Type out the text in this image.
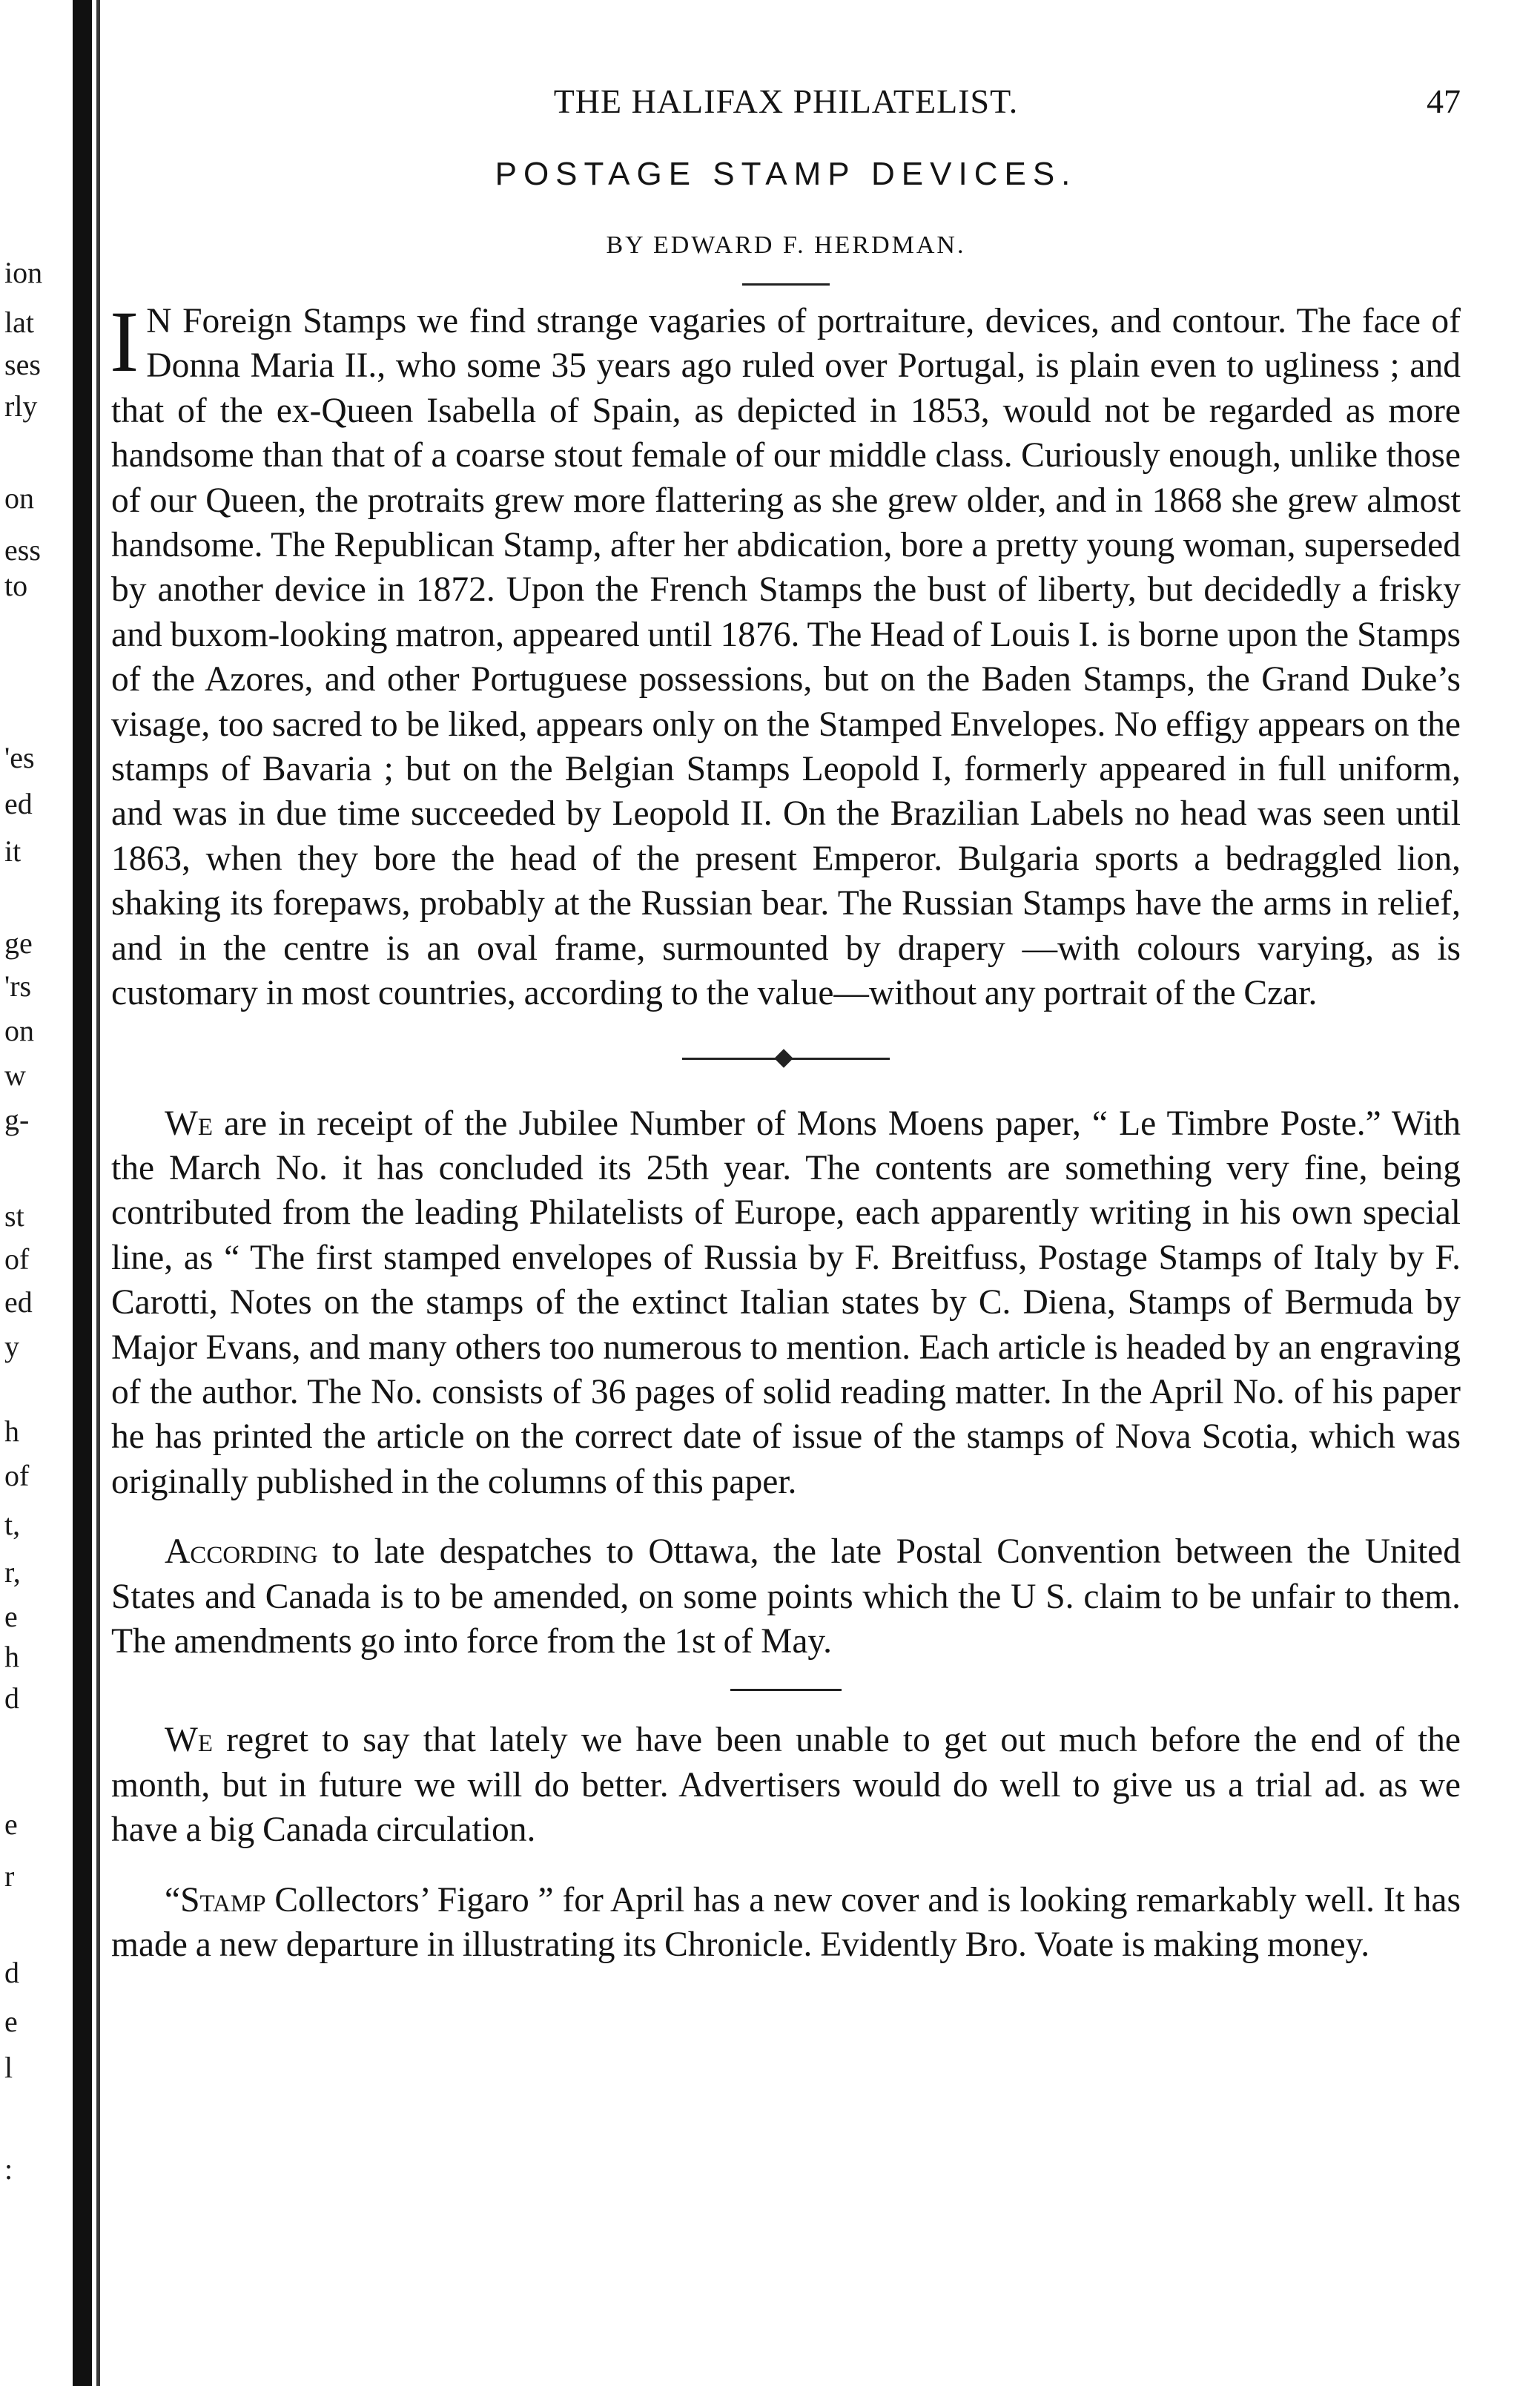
ion
lat
ses
rly
on
ess
to
'es
ed
it
ge
'rs
on
w
g-
st
of
ed
y
h
of
t,
r,
e
h
d
e
r
d
e
l
:
THE HALIFAX PHILATELIST.	47
POSTAGE STAMP DEVICES.
BY EDWARD F. HERDMAN.

I N Foreign Stamps we find strange vagaries of portraiture, devices, and contour. The face of Donna Maria II., who some 35 years ago ruled over Portugal, is plain even to ugliness ; and that of the ex-Queen Isabella of Spain, as depicted in 1853, would not be regarded as more handsome than that of a coarse stout female of our middle class. Curiously enough, unlike those of our Queen, the protraits grew more flattering as she grew older, and in 1868 she grew almost handsome. The Republican Stamp, after her abdication, bore a pretty young woman, superseded by another device in 1872. Upon the French Stamps the bust of liberty, but decidedly a frisky and buxom-looking matron, appeared until 1876. The Head of Louis I. is borne upon the Stamps of the Azores, and other Portuguese possessions, but on the Baden Stamps, the Grand Duke’s visage, too sacred to be liked, appears only on the Stamped Envelopes. No effigy appears on the stamps of Bavaria ; but on the Belgian Stamps Leopold I, formerly appeared in full uniform, and was in due time succeeded by Leopold II. On the Brazilian Labels no head was seen until 1863, when they bore the head of the present Emperor. Bulgaria sports a bedraggled lion, shaking its forepaws, probably at the Russian bear. The Russian Stamps have the arms in relief, and in the centre is an oval frame, surmounted by drapery —with colours varying, as is customary in most countries, according to the value—without any portrait of the Czar.

We are in receipt of the Jubilee Number of Mons Moens paper, “ Le Timbre Poste.” With the March No. it has concluded its 25th year. The contents are something very fine, being contributed from the leading Philatelists of Europe, each apparently writing in his own special line, as “ The first stamped envelopes of Russia by F. Breitfuss, Postage Stamps of Italy by F. Carotti, Notes on the stamps of the extinct Italian states by C. Diena, Stamps of Bermuda by Major Evans, and many others too numerous to mention. Each article is headed by an engraving of the author. The No. consists of 36 pages of solid reading matter. In the April No. of his paper he has printed the article on the correct date of issue of the stamps of Nova Scotia, which was originally published in the columns of this paper.

According to late despatches to Ottawa, the late Postal Convention between the United States and Canada is to be amended, on some points which the U S. claim to be unfair to them. The amendments go into force from the 1st of May.

We regret to say that lately we have been unable to get out much before the end of the month, but in future we will do better. Advertisers would do well to give us a trial ad. as we have a big Canada circulation.

“Stamp Collectors’ Figaro ” for April has a new cover and is looking remarkably well. It has made a new departure in illustrating its Chronicle. Evidently Bro. Voate is making money.
